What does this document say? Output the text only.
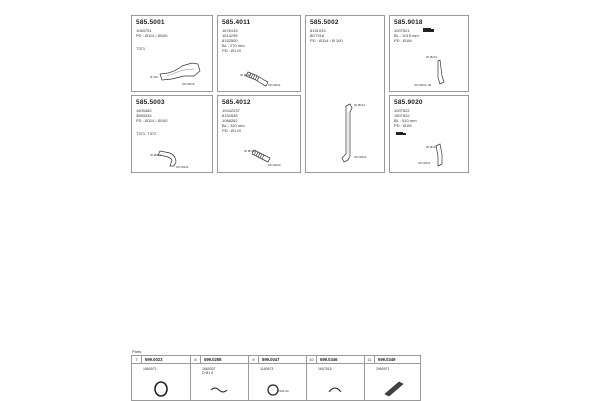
585.5001
1083751
PD : Ø114 / Ø100
T371
Ø 110
OD Ø114
585.4011
1676133
1614295
8152500
BL : 270 mm
PD : Ø1 M
ID Ø114
OD Ø114
585.5002
8151033
8D7316
PD : Ø114 / Ø 100
ID Ø114
OD Ø114
585.9018
1007521
BL : 1015 mm
PD : Ø1M
ID Ø114
OD Ø114 1B
585.5003
1605482
3983334
PD : Ø114 / Ø100
T371, T372
ID Ø114
OD Ø114
585.4012
10442237
8152535
1068262
BL : 320 mm
PD : Ø1 M
ID Ø110
OD Ø110
585.9020
1007522
1607522
BL : 510 mm
PD : Ø1M
ID Ø114
OD Ø114
Parts
7 599.0023
1660971
8 599.0258
1660307
D Ø1 6
9 599.0047
1160973
Ø101-60
10 599.0346
1607515
11 599.0349
2960971
